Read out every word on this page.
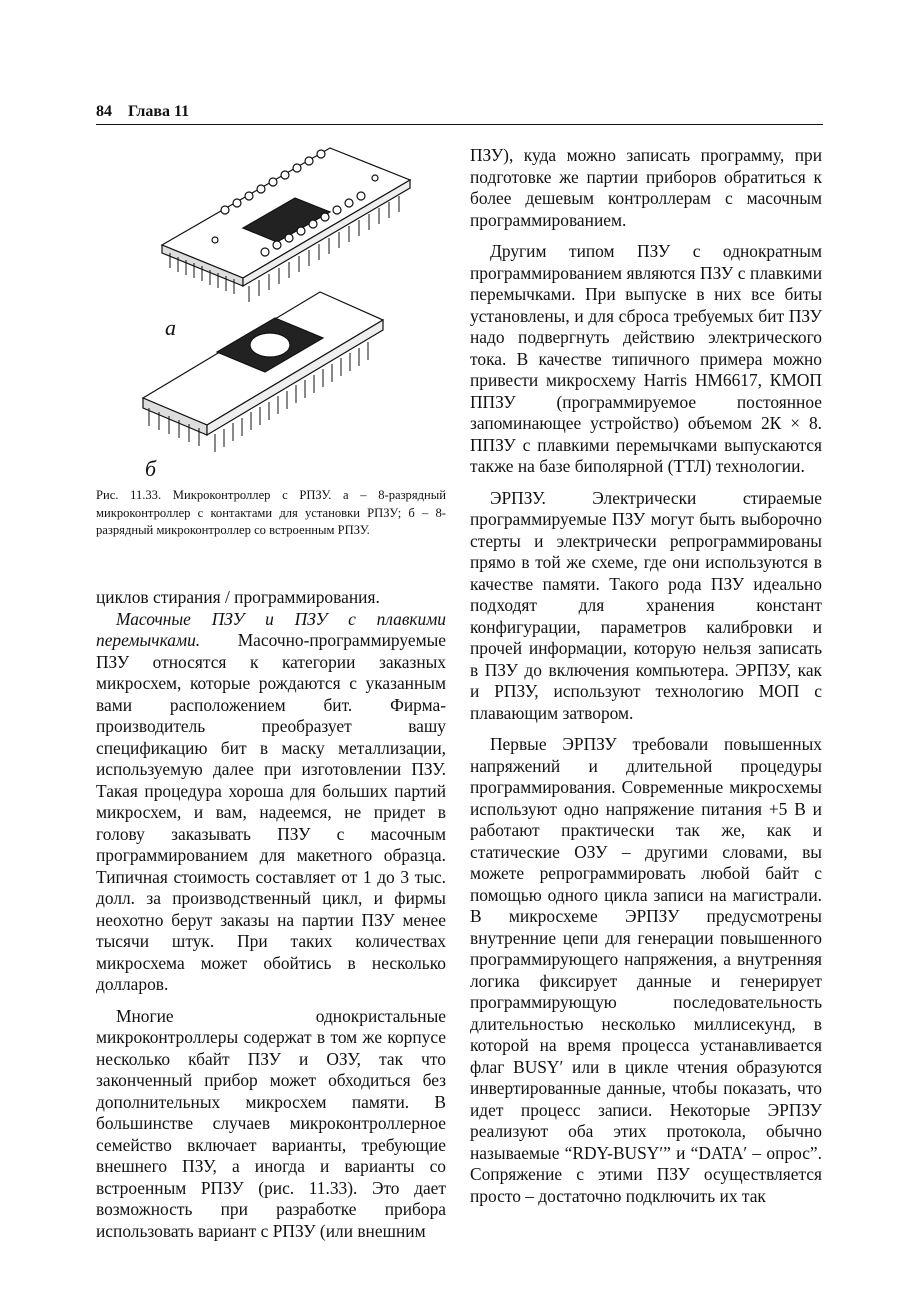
84 Глава 11
a
б
Рис. 11.33. Микроконтроллер с РПЗУ. а – 8-разрядный микроконтроллер с контактами для установки РПЗУ; б – 8-разрядный микроконтроллер со встроенным РПЗУ.

циклов стирания / программирования.

Масочные ПЗУ и ПЗУ с плавкими перемычками. Масочно-программируемые ПЗУ относятся к категории заказных микросхем, которые рождаются с указанным вами расположением бит. Фирма-производитель преобразует вашу спецификацию бит в маску металлизации, используемую далее при изготовлении ПЗУ. Такая процедура хороша для больших партий микросхем, и вам, надеемся, не придет в голову заказывать ПЗУ с масочным программированием для макетного образца. Типичная стоимость составляет от 1 до 3 тыс. долл. за производственный цикл, и фирмы неохотно берут заказы на партии ПЗУ менее тысячи штук. При таких количествах микросхема может обойтись в несколько долларов.

Многие однокристальные микроконтроллеры содержат в том же корпусе несколько кбайт ПЗУ и ОЗУ, так что законченный прибор может обходиться без дополнительных микросхем памяти. В большинстве случаев микроконтроллерное семейство включает варианты, требующие внешнего ПЗУ, а иногда и варианты со встроенным РПЗУ (рис. 11.33). Это дает возможность при разработке прибора использовать вариант с РПЗУ (или внешним

ПЗУ), куда можно записать программу, при подготовке же партии приборов обратиться к более дешевым контроллерам с масочным программированием.

Другим типом ПЗУ с однократным программированием являются ПЗУ с плавкими перемычками. При выпуске в них все биты установлены, и для сброса требуемых бит ПЗУ надо подвергнуть действию электрического тока. В качестве типичного примера можно привести микросхему Harris HM6617, КМОП ППЗУ (программируемое постоянное запоминающее устройство) объемом 2К × 8. ППЗУ с плавкими перемычками выпускаются также на базе биполярной (ТТЛ) технологии.

ЭРПЗУ. Электрически стираемые программируемые ПЗУ могут быть выборочно стерты и электрически репрограммированы прямо в той же схеме, где они используются в качестве памяти. Такого рода ПЗУ идеально подходят для хранения констант конфигурации, параметров калибровки и прочей информации, которую нельзя записать в ПЗУ до включения компьютера. ЭРПЗУ, как и РПЗУ, используют технологию МОП с плавающим затвором.

Первые ЭРПЗУ требовали повышенных напряжений и длительной процедуры программирования. Современные микросхемы используют одно напряжение питания +5 В и работают практически так же, как и статические ОЗУ – другими словами, вы можете репрограммировать любой байт с помощью одного цикла записи на магистрали. В микросхеме ЭРПЗУ предусмотрены внутренние цепи для генерации повышенного программирующего напряжения, а внутренняя логика фиксирует данные и генерирует программирующую последовательность длительностью несколько миллисекунд, в которой на время процесса устанавливается флаг BUSY′ или в цикле чтения образуются инвертированные данные, чтобы показать, что идет процесс записи. Некоторые ЭРПЗУ реализуют оба этих протокола, обычно называемые “RDY-BUSY′” и “DATA′ – опрос”. Сопряжение с этими ПЗУ осуществляется просто – достаточно подключить их так
